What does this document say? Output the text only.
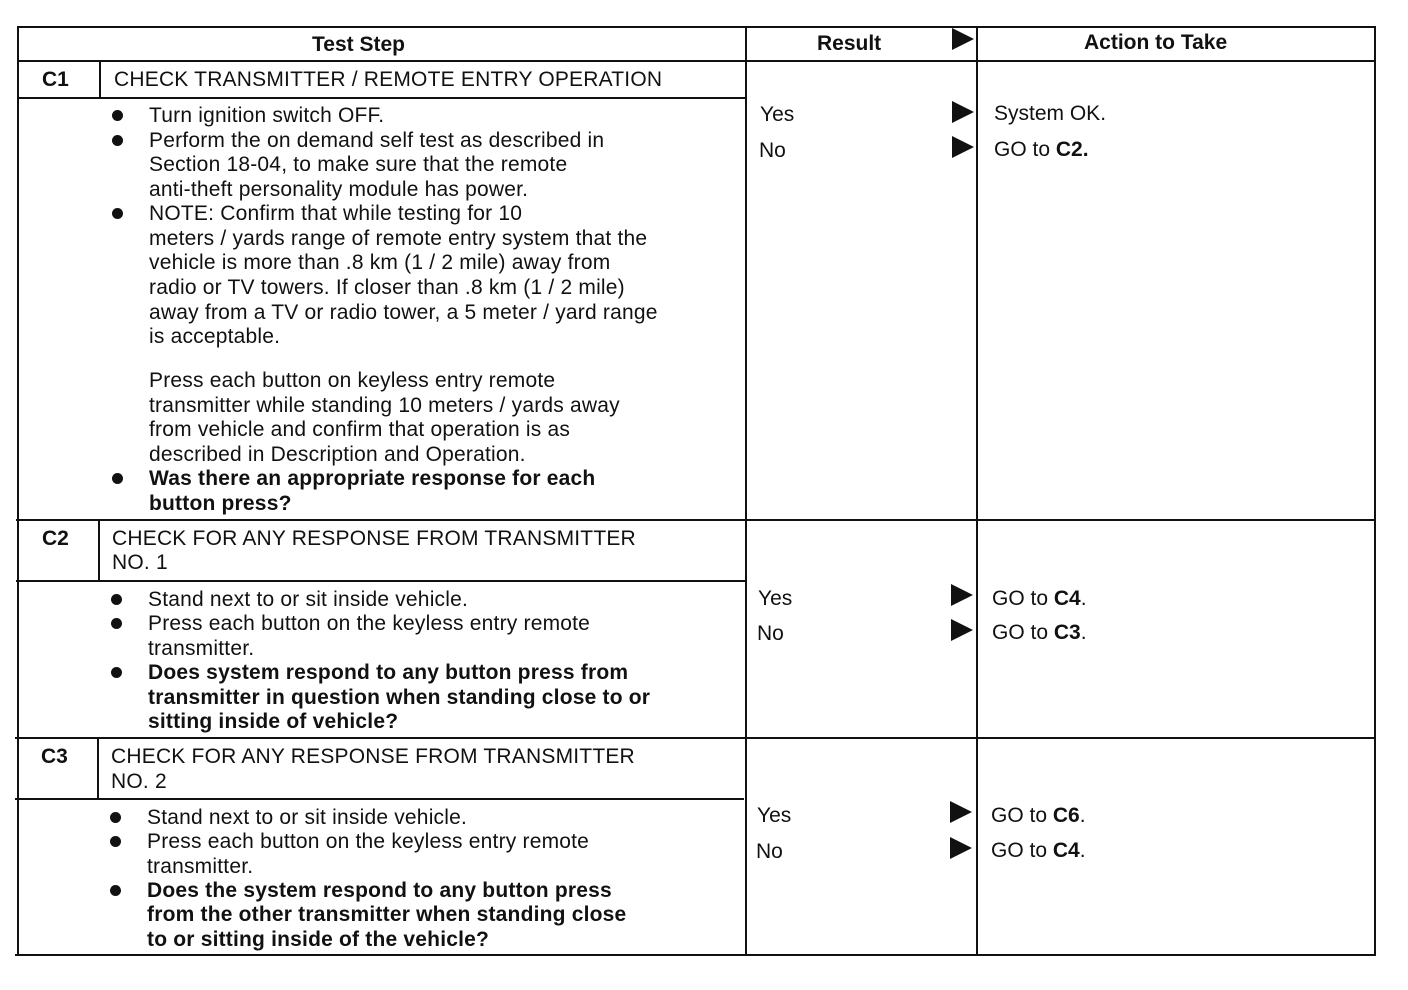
Test Step	Result	Action to Take
C1 CHECK TRANSMITTER / REMOTE ENTRY OPERATION
Turn ignition switch OFF.
Perform the on demand self test as described in
Section 18-04, to make sure that the remote
anti-theft personality module has power.
NOTE: Confirm that while testing for 10
meters / yards range of remote entry system that the
vehicle is more than .8 km (1 / 2 mile) away from
radio or TV towers. If closer than .8 km (1 / 2 mile)
away from a TV or radio tower, a 5 meter / yard range
is acceptable.
Press each button on keyless entry remote
transmitter while standing 10 meters / yards away
from vehicle and confirm that operation is as
described in Description and Operation.
Was there an appropriate response for each
button press?
Yes	System OK.
No	GO to C2.
C2 CHECK FOR ANY RESPONSE FROM TRANSMITTER
NO. 1
Stand next to or sit inside vehicle.
Press each button on the keyless entry remote
transmitter.
Does system respond to any button press from
transmitter in question when standing close to or
sitting inside of vehicle?
Yes	GO to C4.
No	GO to C3.
C3 CHECK FOR ANY RESPONSE FROM TRANSMITTER
NO. 2
Stand next to or sit inside vehicle.
Press each button on the keyless entry remote
transmitter.
Does the system respond to any button press
from the other transmitter when standing close
to or sitting inside of the vehicle?
Yes	GO to C6.
No	GO to C4.
